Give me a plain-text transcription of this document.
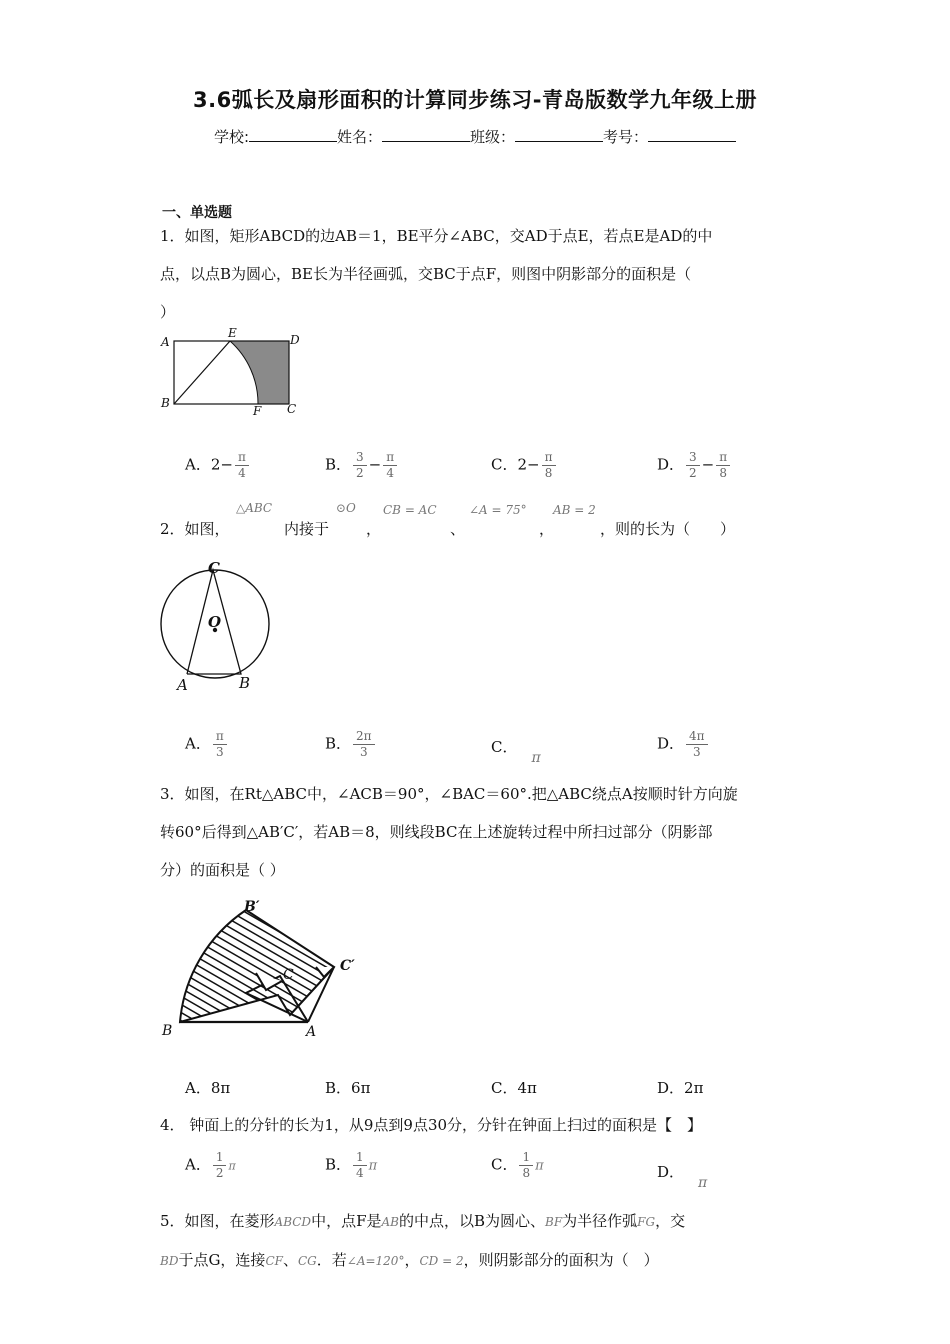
3.6弧长及扇形面积的计算同步练习-青岛版数学九年级上册
学校:	姓名：	班级：	考号：
一、单选题
1．如图，矩形ABCD的边AB＝1，BE平分∠ABC，交AD于点E，若点E是AD的中
点，以点B为圆心，BE长为半径画弧，交BC于点F，则图中阴影部分的面积是（
）
A
B	C
D
E
F
A．$2- \frac{\pi}{4}$	B． $\frac{3}{2} - \frac{\pi}{4}$	C．$2- \frac{\pi}{8}$	D． $\frac{3}{2} - \frac{\pi}{8}$
2．如图，
△ABC
内接于
⊙O
，
CB = AC
、
∠A = 75°
，
AB = 2
，则的长为（　　）
C
O
A	B
A． $\frac{\pi}{3}$	B． $\frac{2\pi}{3}$	C．π
D． $\frac{4\pi}{3}$
3．如图，在Rt△ABC中，∠ACB＝90°，∠BAC＝60°.把△ABC绕点A按顺时针方向旋
转60°后得到△AB′C′，若AB＝8，则线段BC在上述旋转过程中所扫过部分（阴影部
分）的面积是（ ）
B′
C
C′
B	A
A．8π	B．6π	C．4π	D．2π
4． 钟面上的分针的长为1，从9点到9点30分，分针在钟面上扫过的面积是【　】
A． $\frac{1}{2}$ π	B． $\frac{1}{4}$ π	C． $\frac{1}{8}$ π	D．π
5．如图，在菱形ABCD中，点F是AB的中点，以B为圆心、BF为半径作弧FG，交
BD于点G，连接CF、CG．若∠A=120°，CD = 2，则阴影部分的面积为（　）
